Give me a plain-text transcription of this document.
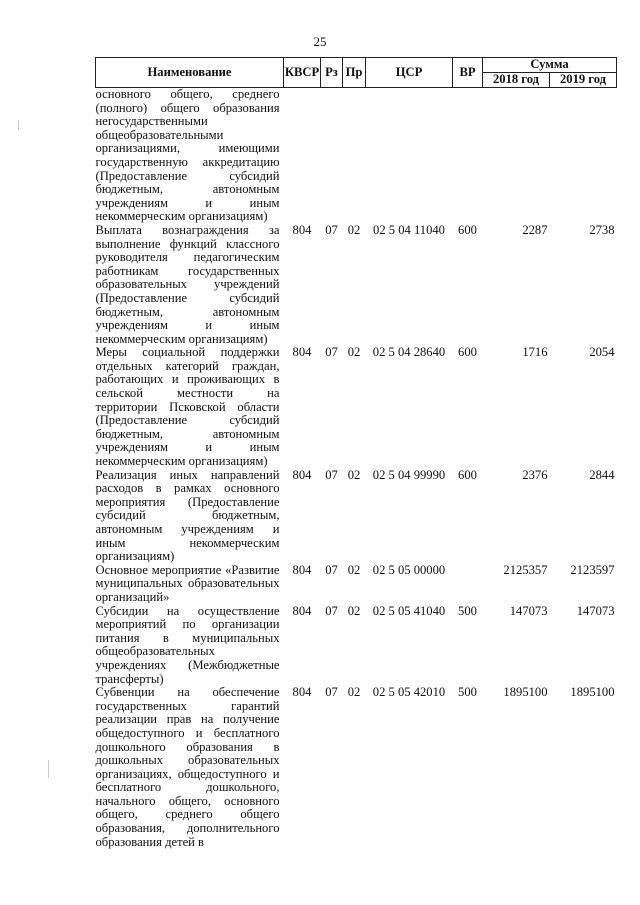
25
Наименование	КВСР	Рз	Пр	ЦСР	ВР	Сумма	
						2018 год	2019 год
основного общего, среднего (полного) общего образования негосударственными общеобразовательными организациями, имеющими государственную аккредитацию (Предоставление субсидий бюджетным, автономным учреждениям и иным некоммерческим организациям)							
Выплата вознаграждения за выполнение функций классного руководителя педагогическим работникам государственных образовательных учреждений (Предоставление субсидий бюджетным, автономным учреждениям и иным некоммерческим организациям)	804	07	02	02 5 04 11040	600	2287	2738
Меры социальной поддержки отдельных категорий граждан, работающих и проживающих в сельской местности на территории Псковской области (Предоставление субсидий бюджетным, автономным учреждениям и иным некоммерческим организациям)	804	07	02	02 5 04 28640	600	1716	2054
Реализация иных направлений расходов в рамках основного мероприятия (Предоставление субсидий бюджетным, автономным учреждениям и иным некоммерческим организациям)	804	07	02	02 5 04 99990	600	2376	2844
Основное мероприятие «Развитие муниципальных образовательных организаций»	804	07	02	02 5 05 00000		2125357	2123597
Субсидии на осуществление мероприятий по организации питания в муниципальных общеобразовательных учреждениях (Межбюджетные трансферты)	804	07	02	02 5 05 41040	500	147073	147073
Субвенции на обеспечение государственных гарантий реализации прав на получение общедоступного и бесплатного дошкольного образования в дошкольных образовательных организациях, общедоступного и бесплатного дошкольного, начального общего, основного общего, среднего общего образования, дополнительного образования детей в	804	07	02	02 5 05 42010	500	1895100	1895100
